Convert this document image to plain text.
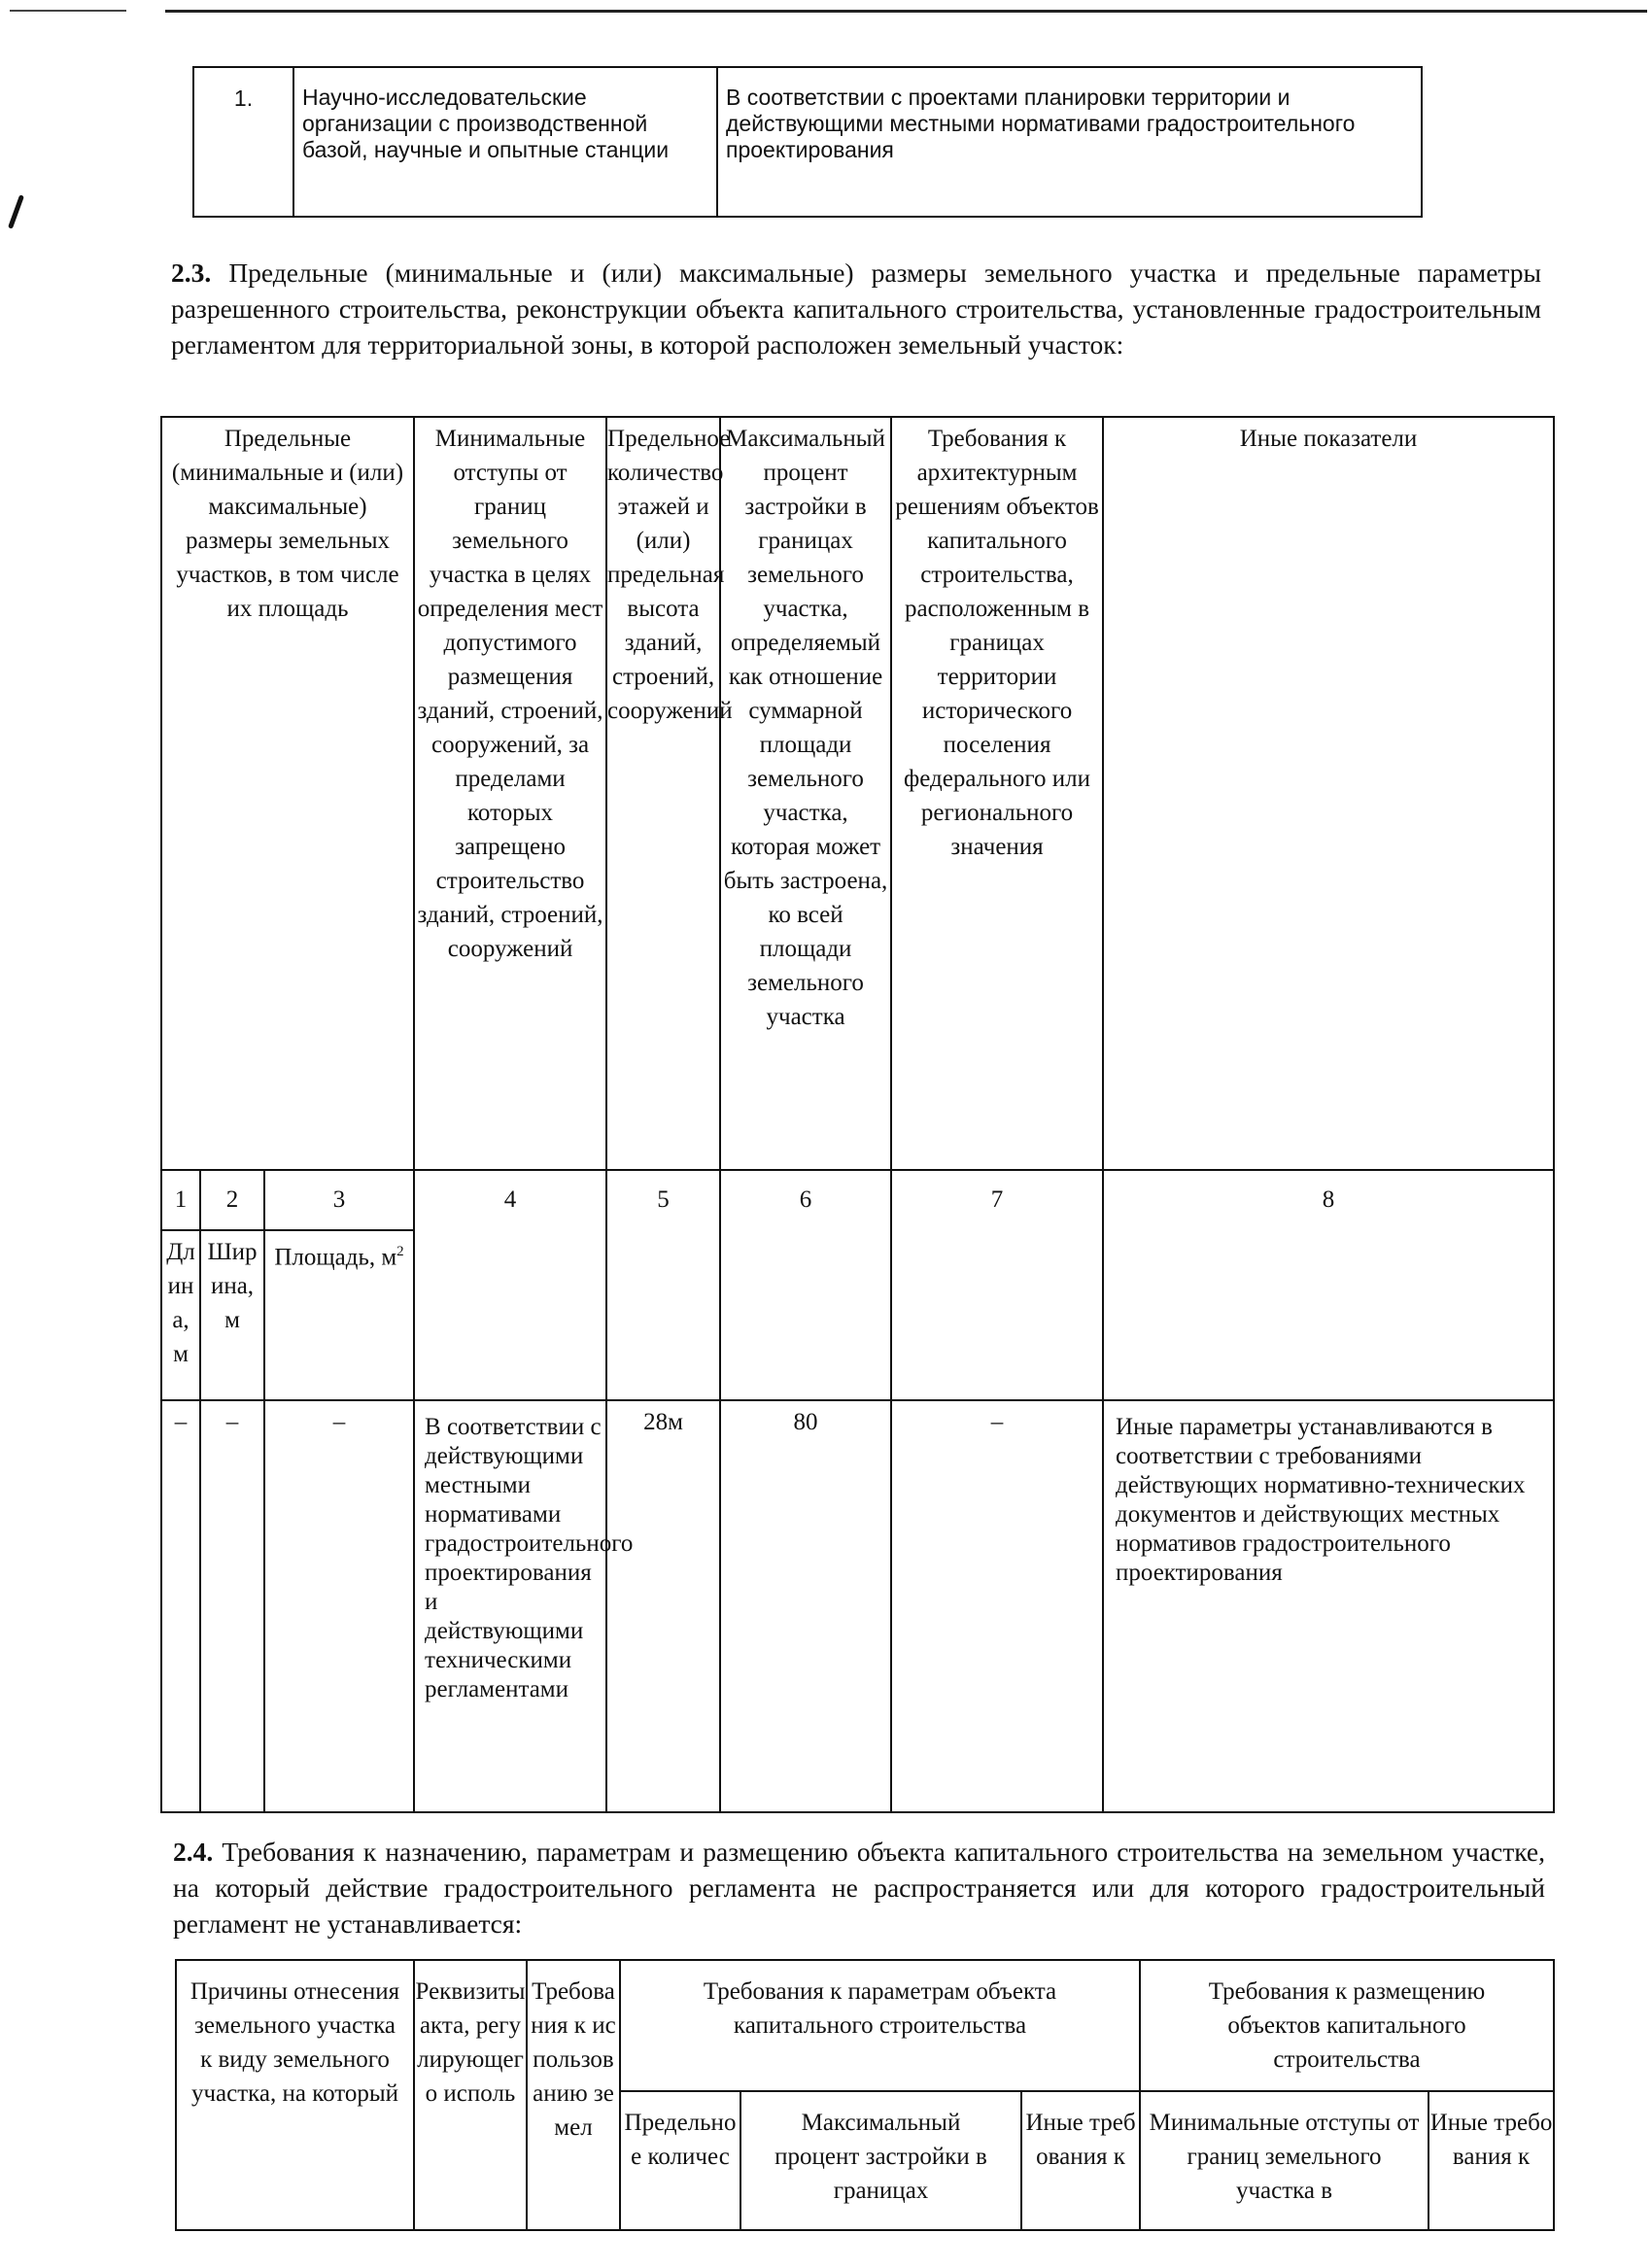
1.	Научно-исследовательские организации с производственной базой, научные и опытные станции	В соответствии с проектами планировки территории и действующими местными нормативами градостроительного проектирования
2.3. Предельные (минимальные и (или) максимальные) размеры земельного участка и предельные параметры разрешенного строительства, реконструкции объекта капитального строительства, установленные градостроительным регламентом для территориальной зоны, в которой расположен земельный участок:
Предельные (минимальные и (или) максимальные) размеры земельных участков, в том числе их площадь			Минимальные отступы от границ земельного участка в целях определения мест допустимого размещения зданий, строений, сооружений, за пределами которых запрещено строительство зданий, строений, сооружений	Предельное количество этажей и (или) предельная высота зданий, строений, сооружений	Максимальный процент застройки в границах земельного участка, определяемый как отношение суммарной площади земельного участка, которая может быть застроена, ко всей площади земельного участка	Требования к архитектурным решениям объектов капитального строительства, расположенным в границах территории исторического поселения федерального или регионального значения	Иные показатели
1	2	3	4	5	6	7	8
Длина, м	Ширина, м	Площадь, $м^2$
–	–	–	В соответствии с действующими местными нормативами градостроительного проектирования и действующими техническими регламентами	28м	80	–	Иные параметры устанавливаются в соответствии с требованиями действующих нормативно-технических документов и действующих местных нормативов градостроительного проектирования
2.4. Требования к назначению, параметрам и размещению объекта капитального строительства на земельном участке, на который действие градостроительного регламента не распространяется или для которого градостроительный регламент не устанавливается:
Причины отнесения земельного участка к виду земельного участка, на который	Реквизиты акта, регулирующего исполь	Требования к использованию земел	Требования к параметрам объекта капитального строительства			Требования к размещению объектов капитального строительства	
			Предельное количес	Максимальный процент застройки в границах	Иные требования к	Минимальные отступы от границ земельного участка в	Иные требования к
